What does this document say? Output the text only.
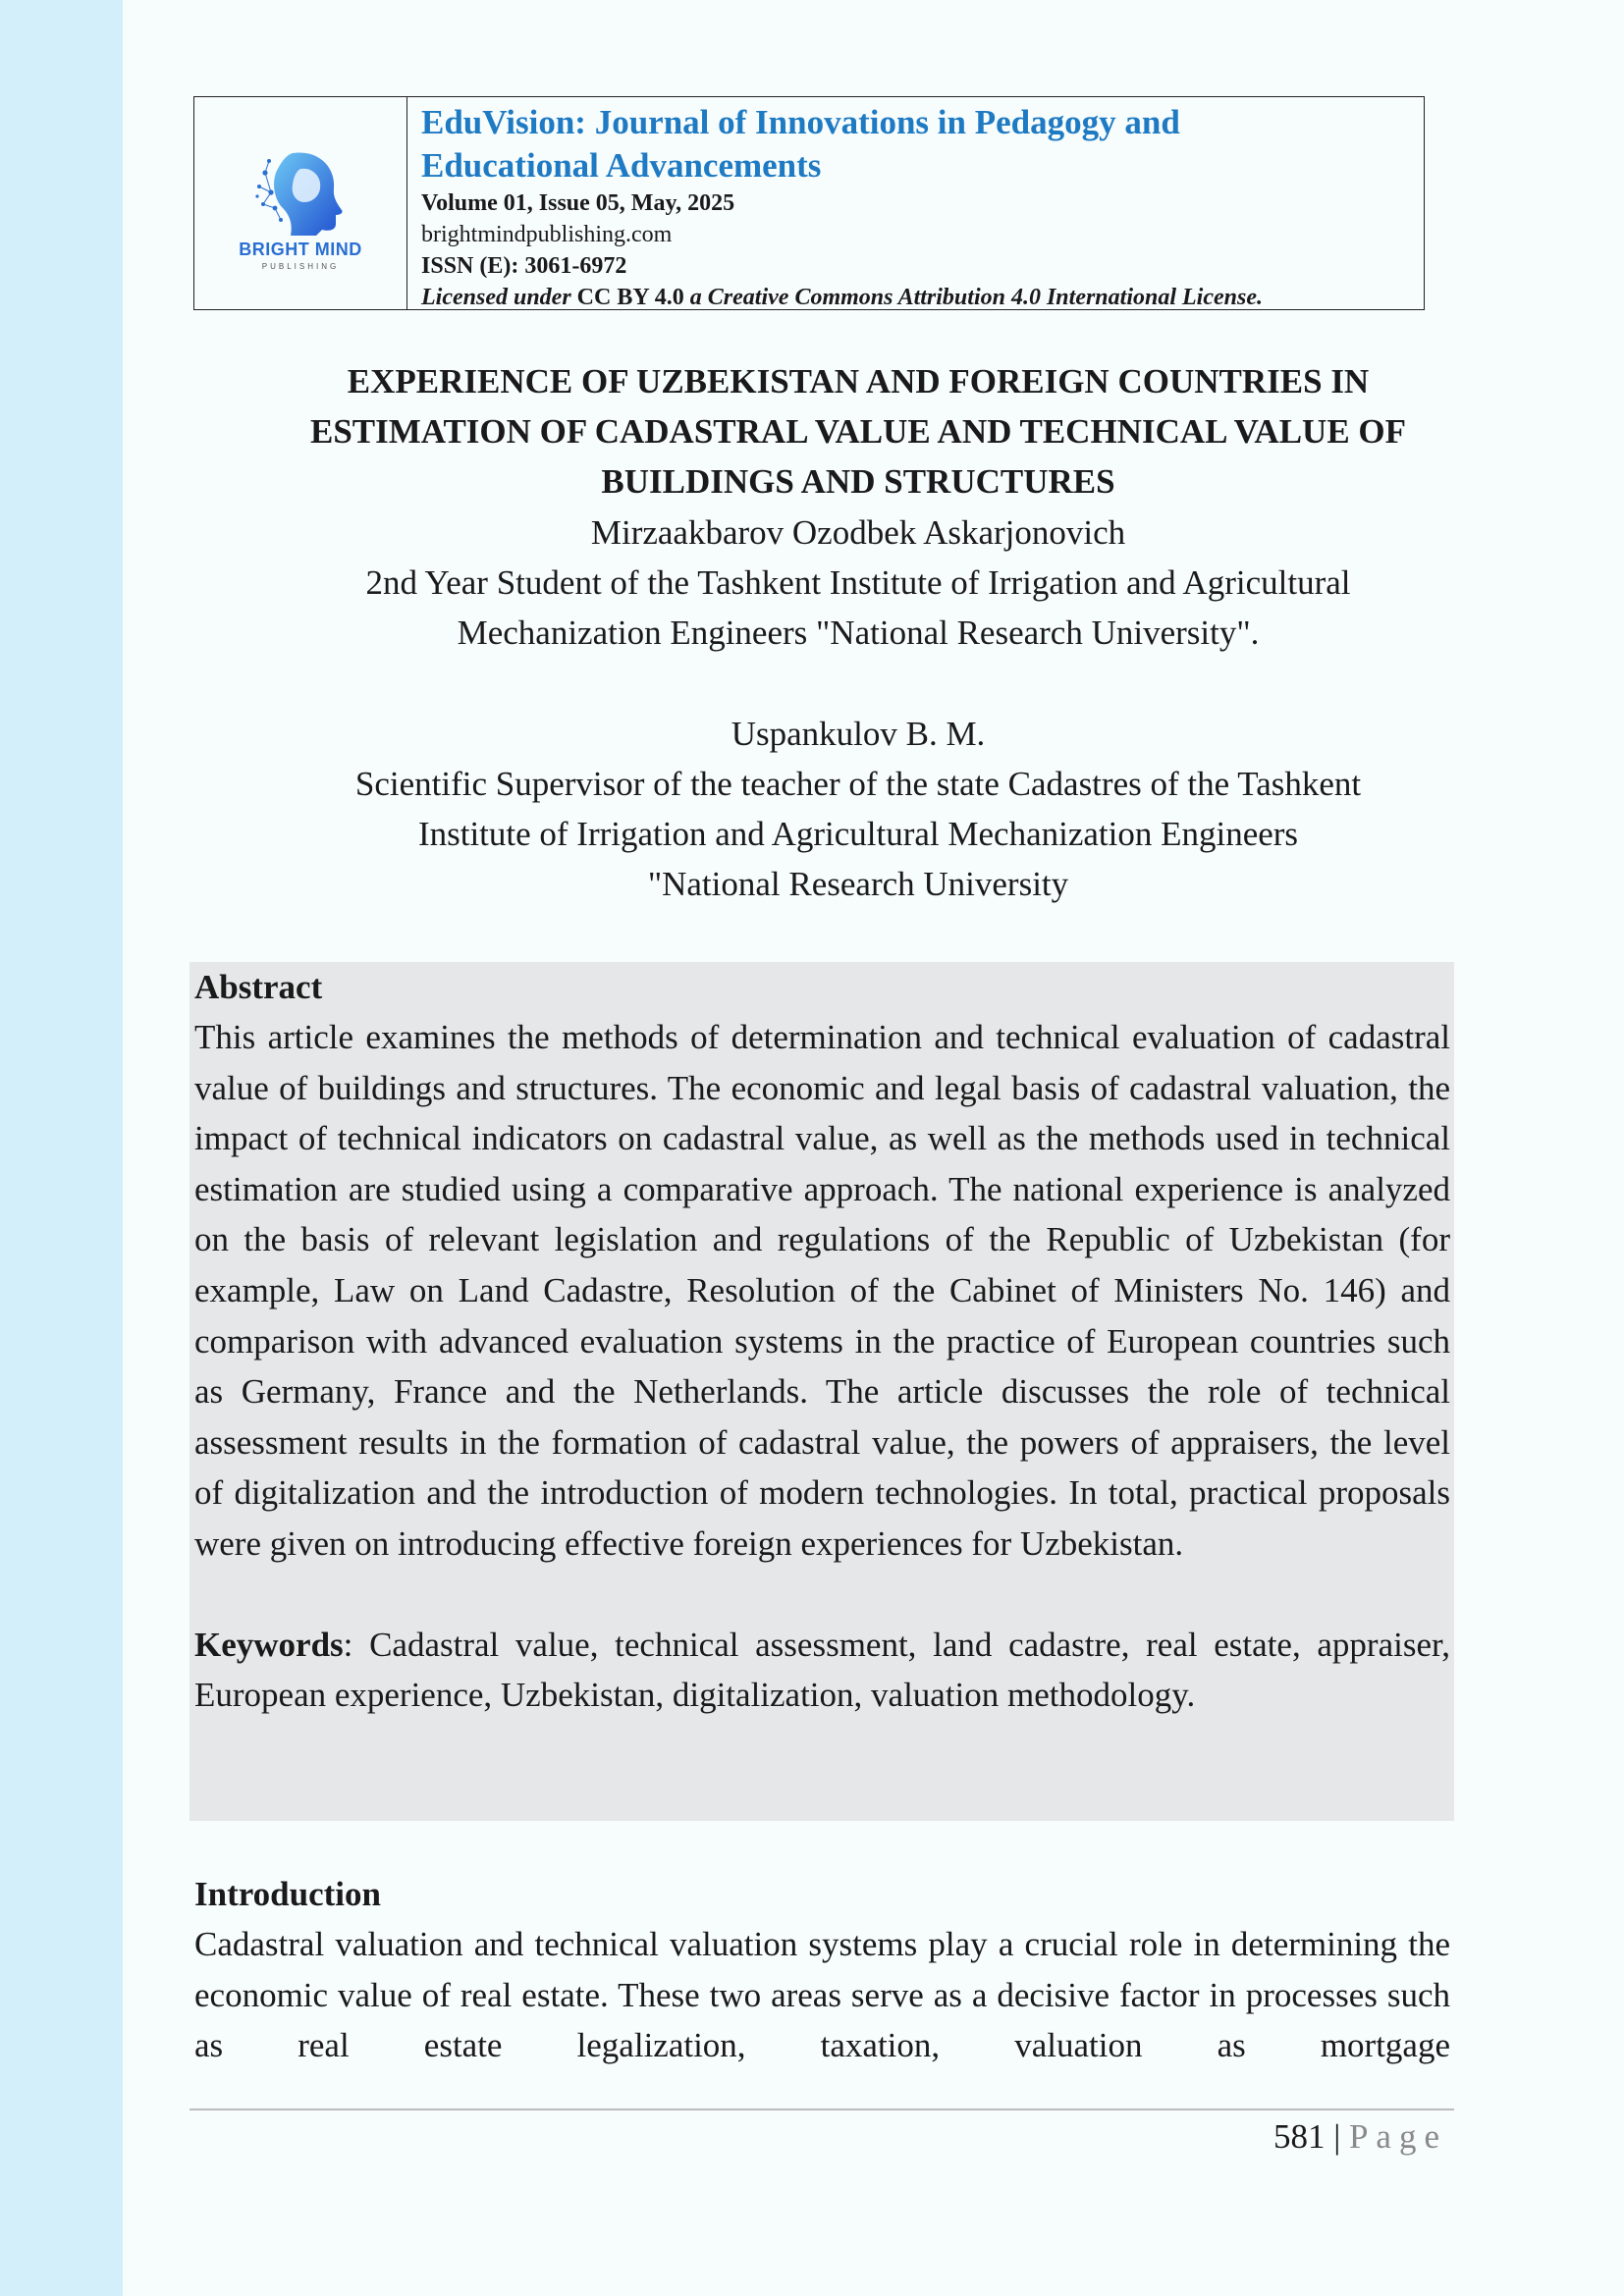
BRIGHT MIND
PUBLISHING
EduVision: Journal of Innovations in Pedagogy and
Educational Advancements
Volume 01, Issue 05, May, 2025
brightmindpublishing.com
ISSN (E): 3061-6972
Licensed under CC BY 4.0 a Creative Commons Attribution 4.0 International License.
EXPERIENCE OF UZBEKISTAN AND FOREIGN COUNTRIES IN
ESTIMATION OF CADASTRAL VALUE AND TECHNICAL VALUE OF
BUILDINGS AND STRUCTURES
Mirzaakbarov Ozodbek Askarjonovich
2nd Year Student of the Tashkent Institute of Irrigation and Agricultural
Mechanization Engineers "National Research University".
Uspankulov B. M.
Scientific Supervisor of the teacher of the state Cadastres of the Tashkent
Institute of Irrigation and Agricultural Mechanization Engineers
"National Research University
Abstract

This article examines the methods of determination and technical evaluation of cadastral value of buildings and structures. The economic and legal basis of cadastral valuation, the impact of technical indicators on cadastral value, as well as the methods used in technical estimation are studied using a comparative approach. The national experience is analyzed on the basis of relevant legislation and regulations of the Republic of Uzbekistan (for example, Law on Land Cadastre, Resolution of the Cabinet of Ministers No. 146) and comparison with advanced evaluation systems in the practice of European countries such as Germany, France and the Netherlands. The article discusses the role of technical assessment results in the formation of cadastral value, the powers of appraisers, the level of digitalization and the introduction of modern technologies. In total, practical proposals were given on introducing effective foreign experiences for Uzbekistan.

Keywords: Cadastral value, technical assessment, land cadastre, real estate, appraiser, European experience, Uzbekistan, digitalization, valuation methodology.

Introduction

Cadastral valuation and technical valuation systems play a crucial role in determining the economic value of real estate. These two areas serve as a decisive factor in processes such as real estate legalization, taxation, valuation as mortgage

581 | Page
